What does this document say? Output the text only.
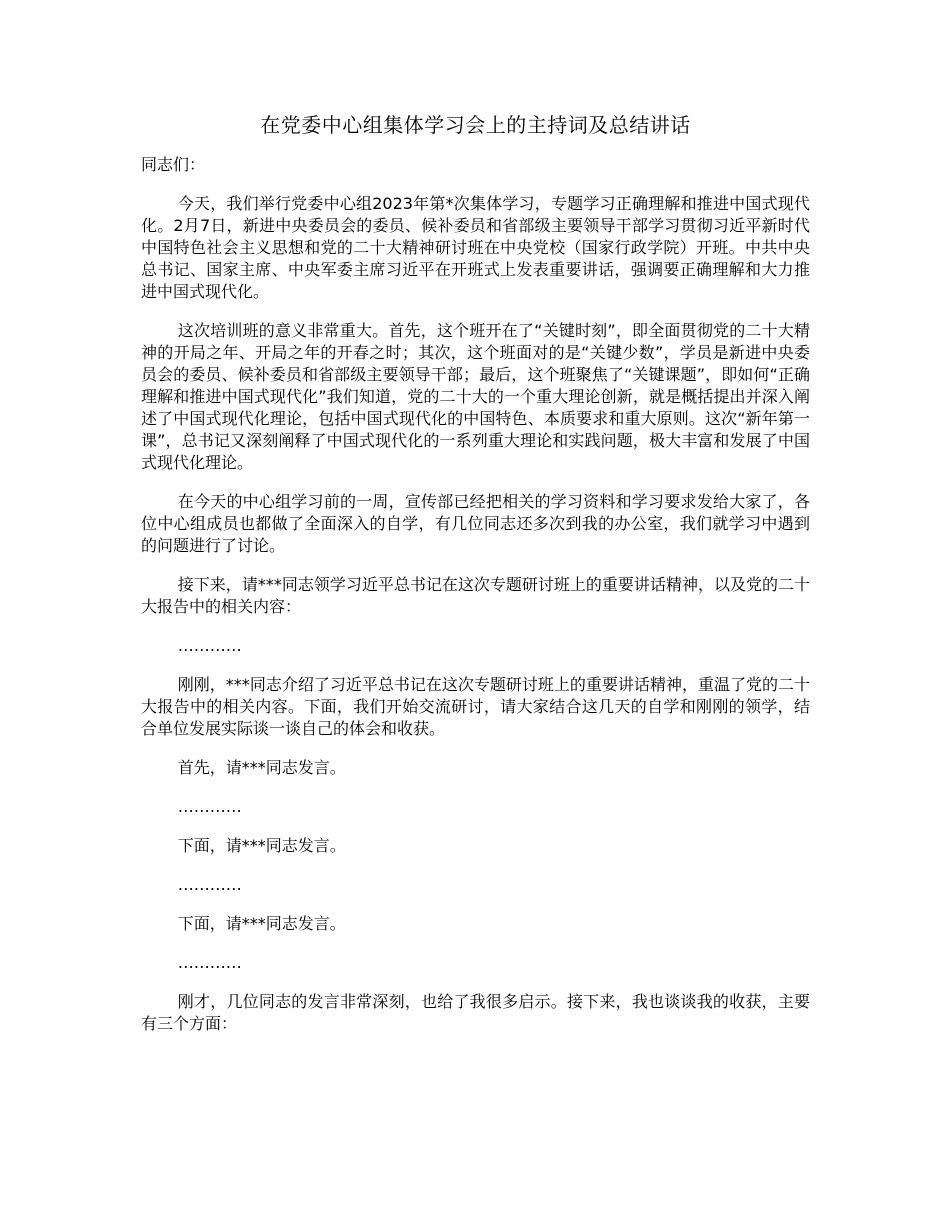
在党委中心组集体学习会上的主持词及总结讲话

同志们：

今天，我们举行党委中心组2023年第*次集体学习，专题学习正确理解和推进中国式现代化。2月7日，新进中央委员会的委员、候补委员和省部级主要领导干部学习贯彻习近平新时代中国特色社会主义思想和党的二十大精神研讨班在中央党校（国家行政学院）开班。中共中央总书记、国家主席、中央军委主席习近平在开班式上发表重要讲话，强调要正确理解和大力推进中国式现代化。

这次培训班的意义非常重大。首先，这个班开在了“关键时刻”，即全面贯彻党的二十大精神的开局之年、开局之年的开春之时；其次，这个班面对的是“关键少数”，学员是新进中央委员会的委员、候补委员和省部级主要领导干部；最后，这个班聚焦了“关键课题”，即如何“正确理解和推进中国式现代化”我们知道，党的二十大的一个重大理论创新，就是概括提出并深入阐述了中国式现代化理论，包括中国式现代化的中国特色、本质要求和重大原则。这次“新年第一课”，总书记又深刻阐释了中国式现代化的一系列重大理论和实践问题，极大丰富和发展了中国式现代化理论。

在今天的中心组学习前的一周，宣传部已经把相关的学习资料和学习要求发给大家了，各位中心组成员也都做了全面深入的自学，有几位同志还多次到我的办公室，我们就学习中遇到的问题进行了讨论。

接下来，请***同志领学习近平总书记在这次专题研讨班上的重要讲话精神，以及党的二十大报告中的相关内容：

…………

刚刚，***同志介绍了习近平总书记在这次专题研讨班上的重要讲话精神，重温了党的二十大报告中的相关内容。下面，我们开始交流研讨，请大家结合这几天的自学和刚刚的领学，结合单位发展实际谈一谈自己的体会和收获。

首先，请***同志发言。

…………

下面，请***同志发言。

…………

下面，请***同志发言。

…………

刚才，几位同志的发言非常深刻，也给了我很多启示。接下来，我也谈谈我的收获，主要有三个方面：
